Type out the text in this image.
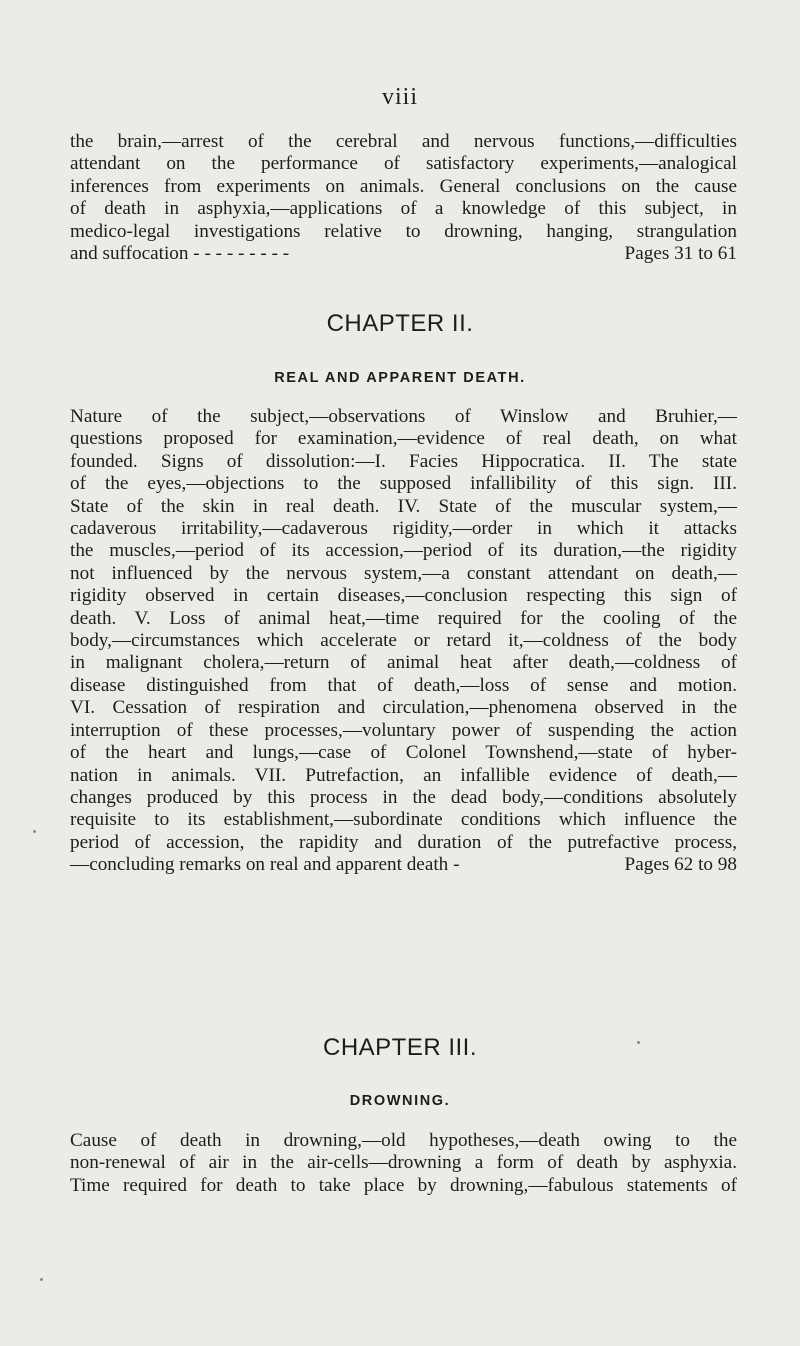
viii
the brain,—arrest of the cerebral and nervous functions,—difficulties
attendant on the performance of satisfactory experiments,—analogical
inferences from experiments on animals. General conclusions on the cause
of death in asphyxia,—applications of a knowledge of this subject, in
medico-legal investigations relative to drowning, hanging, strangulation
and suffocation - - - - - - - - -	Pages 31 to 61
CHAPTER II.
REAL AND APPARENT DEATH.
Nature of the subject,—observations of Winslow and Bruhier,—
questions proposed for examination,—evidence of real death, on what
founded. Signs of dissolution:—I. Facies Hippocratica. II. The state
of the eyes,—objections to the supposed infallibility of this sign. III.
State of the skin in real death. IV. State of the muscular system,—
cadaverous irritability,—cadaverous rigidity,—order in which it attacks
the muscles,—period of its accession,—period of its duration,—the rigidity
not influenced by the nervous system,—a constant attendant on death,—
rigidity observed in certain diseases,—conclusion respecting this sign of
death. V. Loss of animal heat,—time required for the cooling of the
body,—circumstances which accelerate or retard it,—coldness of the body
in malignant cholera,—return of animal heat after death,—coldness of
disease distinguished from that of death,—loss of sense and motion.
VI. Cessation of respiration and circulation,—phenomena observed in the
interruption of these processes,—voluntary power of suspending the action
of the heart and lungs,—case of Colonel Townshend,—state of hyber-
nation in animals. VII. Putrefaction, an infallible evidence of death,—
changes produced by this process in the dead body,—conditions absolutely
requisite to its establishment,—subordinate conditions which influence the
period of accession, the rapidity and duration of the putrefactive process,
—concluding remarks on real and apparent death -	Pages 62 to 98
CHAPTER III.
DROWNING.
Cause of death in drowning,—old hypotheses,—death owing to the
non-renewal of air in the air-cells—drowning a form of death by asphyxia.
Time required for death to take place by drowning,—fabulous statements of
